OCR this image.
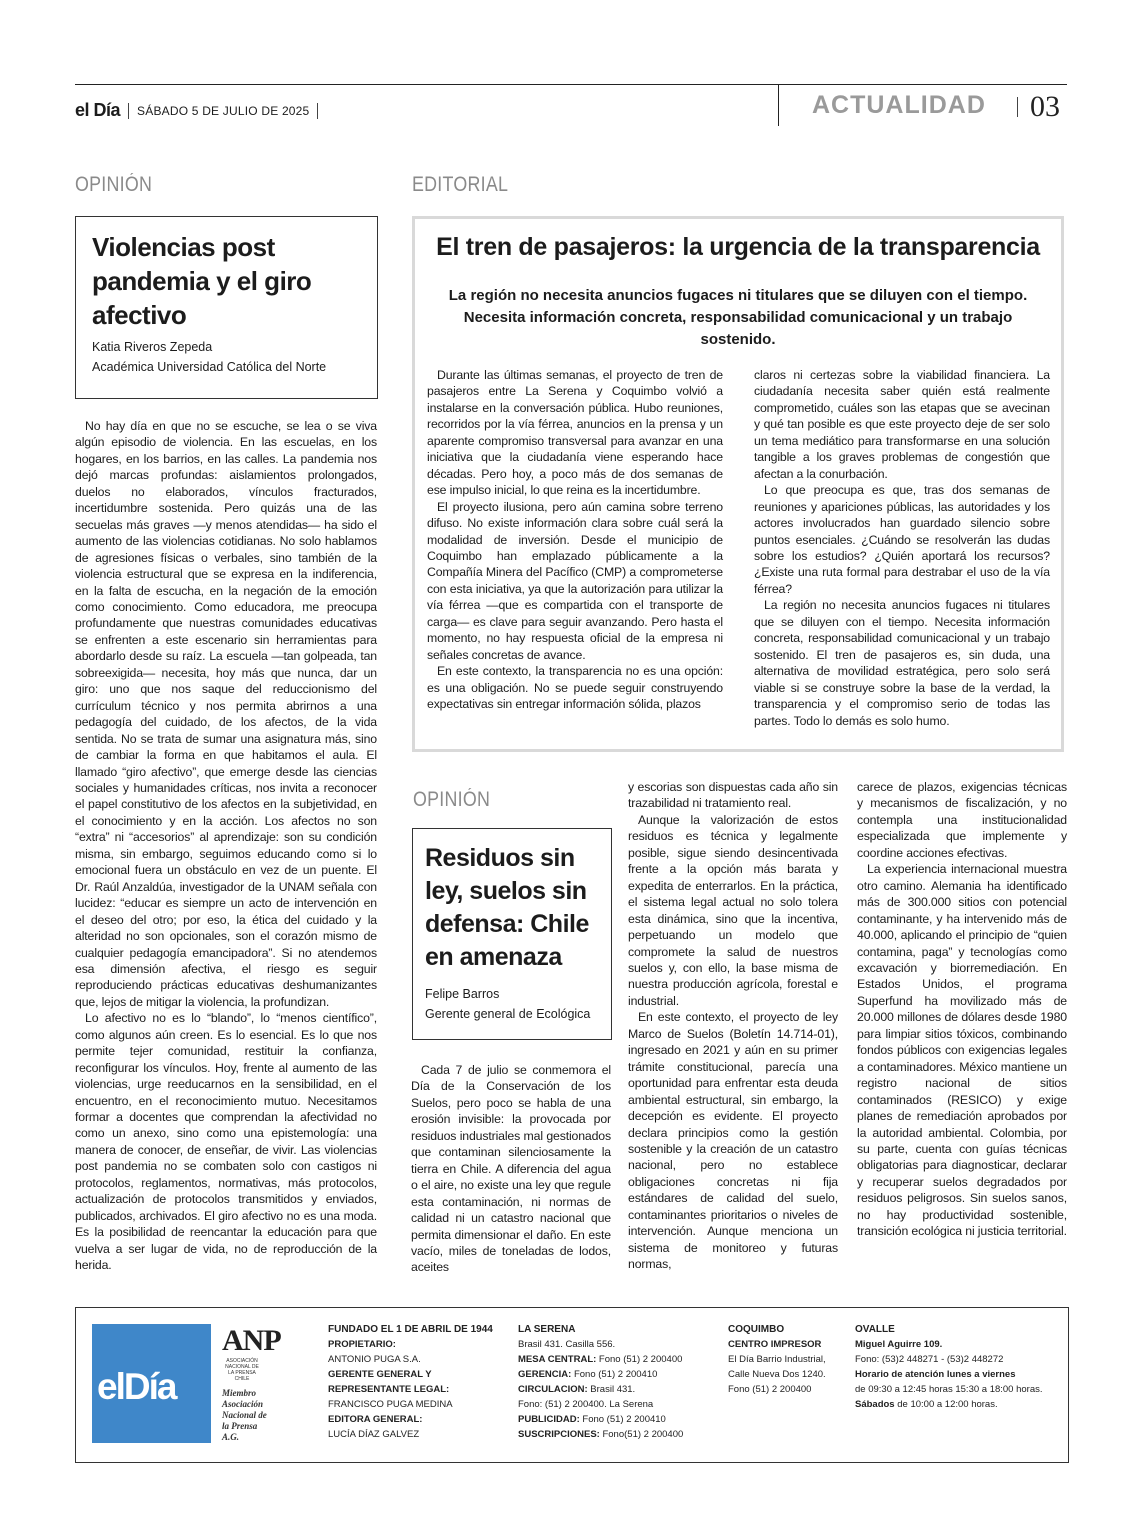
el Día SÁBADO 5 DE JULIO DE 2025	ACTUALIDAD 03
OPINIÓN
Violencias post
pandemia y el giro
afectivo
Katia Riveros Zepeda
Académica Universidad Católica del Norte

No hay día en que no se escuche, se lea o se viva algún episodio de violencia. En las escuelas, en los hogares, en los barrios, en las calles. La pandemia nos dejó marcas profundas: aislamientos prolongados, duelos no elaborados, vínculos fracturados, incertidumbre sostenida. Pero quizás una de las secuelas más graves —y menos atendidas— ha sido el aumento de las violencias cotidianas. No solo hablamos de agresiones físicas o verbales, sino también de la violencia estructural que se expresa en la indiferencia, en la falta de escucha, en la negación de la emoción como conocimiento. Como educadora, me preocupa profundamente que nuestras comunidades educativas se enfrenten a este escenario sin herramientas para abordarlo desde su raíz. La escuela —tan golpeada, tan sobreexigida— necesita, hoy más que nunca, dar un giro: uno que nos saque del reduccionismo del currículum técnico y nos permita abrirnos a una pedagogía del cuidado, de los afectos, de la vida sentida. No se trata de sumar una asignatura más, sino de cambiar la forma en que habitamos el aula. El llamado “giro afectivo”, que emerge desde las ciencias sociales y humanidades críticas, nos invita a reconocer el papel constitutivo de los afectos en la subjetividad, en el conocimiento y en la acción. Los afectos no son “extra” ni “accesorios” al aprendizaje: son su condición misma, sin embargo, seguimos educando como si lo emocional fuera un obstáculo en vez de un puente. El Dr. Raúl Anzaldúa, investigador de la UNAM señala con lucidez: “educar es siempre un acto de intervención en el deseo del otro; por eso, la ética del cuidado y la alteridad no son opcionales, son el corazón mismo de cualquier pedagogía emancipadora”. Si no atendemos esa dimensión afectiva, el riesgo es seguir reproduciendo prácticas educativas deshumanizantes que, lejos de mitigar la violencia, la profundizan.

Lo afectivo no es lo “blando”, lo “menos científico”, como algunos aún creen. Es lo esencial. Es lo que nos permite tejer comunidad, restituir la confianza, reconfigurar los vínculos. Hoy, frente al aumento de las violencias, urge reeducarnos en la sensibilidad, en el encuentro, en el reconocimiento mutuo. Necesitamos formar a docentes que comprendan la afectividad no como un anexo, sino como una epistemología: una manera de conocer, de enseñar, de vivir. Las violencias post pandemia no se combaten solo con castigos ni protocolos, reglamentos, normativas, más protocolos, actualización de protocolos transmitidos y enviados, publicados, archivados. El giro afectivo no es una moda. Es la posibilidad de reencantar la educación para que vuelva a ser lugar de vida, no de reproducción de la herida.

EDITORIAL
El tren de pasajeros: la urgencia de la transparencia
La región no necesita anuncios fugaces ni titulares que se diluyen con el tiempo. Necesita información concreta, responsabilidad comunicacional y un trabajo sostenido.

Durante las últimas semanas, el proyecto de tren de pasajeros entre La Serena y Coquimbo volvió a instalarse en la conversación pública. Hubo reuniones, recorridos por la vía férrea, anuncios en la prensa y un aparente compromiso transversal para avanzar en una iniciativa que la ciudadanía viene esperando hace décadas. Pero hoy, a poco más de dos semanas de ese impulso inicial, lo que reina es la incertidumbre.

El proyecto ilusiona, pero aún camina sobre terreno difuso. No existe información clara sobre cuál será la modalidad de inversión. Desde el municipio de Coquimbo han emplazado públicamente a la Compañía Minera del Pacífico (CMP) a comprometerse con esta iniciativa, ya que la autorización para utilizar la vía férrea —que es compartida con el transporte de carga— es clave para seguir avanzando. Pero hasta el momento, no hay respuesta oficial de la empresa ni señales concretas de avance.

En este contexto, la transparencia no es una opción: es una obligación. No se puede seguir construyendo expectativas sin entregar información sólida, plazos

claros ni certezas sobre la viabilidad financiera. La ciudadanía necesita saber quién está realmente comprometido, cuáles son las etapas que se avecinan y qué tan posible es que este proyecto deje de ser solo un tema mediático para transformarse en una solución tangible a los graves problemas de congestión que afectan a la conurbación.

Lo que preocupa es que, tras dos semanas de reuniones y apariciones públicas, las autoridades y los actores involucrados han guardado silencio sobre puntos esenciales. ¿Cuándo se resolverán las dudas sobre los estudios? ¿Quién aportará los recursos? ¿Existe una ruta formal para destrabar el uso de la vía férrea?

La región no necesita anuncios fugaces ni titulares que se diluyen con el tiempo. Necesita información concreta, responsabilidad comunicacional y un trabajo sostenido. El tren de pasajeros es, sin duda, una alternativa de movilidad estratégica, pero solo será viable si se construye sobre la base de la verdad, la transparencia y el compromiso serio de todas las partes. Todo lo demás es solo humo.

OPINIÓN
Residuos sin
ley, suelos sin
defensa: Chile
en amenaza
Felipe Barros
Gerente general de Ecológica

Cada 7 de julio se conmemora el Día de la Conservación de los Suelos, pero poco se habla de una erosión invisible: la provocada por residuos industriales mal gestionados que contaminan silenciosamente la tierra en Chile. A diferencia del agua o el aire, no existe una ley que regule esta contaminación, ni normas de calidad ni un catastro nacional que permita dimensionar el daño. En este vacío, miles de toneladas de lodos, aceites

y escorias son dispuestas cada año sin trazabilidad ni tratamiento real.

Aunque la valorización de estos residuos es técnica y legalmente posible, sigue siendo desincentivada frente a la opción más barata y expedita de enterrarlos. En la práctica, el sistema legal actual no solo tolera esta dinámica, sino que la incentiva, perpetuando un modelo que compromete la salud de nuestros suelos y, con ello, la base misma de nuestra producción agrícola, forestal e industrial.

En este contexto, el proyecto de ley Marco de Suelos (Boletín 14.714-01), ingresado en 2021 y aún en su primer trámite constitucional, parecía una oportunidad para enfrentar esta deuda ambiental estructural, sin embargo, la decepción es evidente. El proyecto declara principios como la gestión sostenible y la creación de un catastro nacional, pero no establece obligaciones concretas ni fija estándares de calidad del suelo, contaminantes prioritarios o niveles de intervención. Aunque menciona un sistema de monitoreo y futuras normas,

carece de plazos, exigencias técnicas y mecanismos de fiscalización, y no contempla una institucionalidad especializada que implemente y coordine acciones efectivas.

La experiencia internacional muestra otro camino. Alemania ha identificado más de 300.000 sitios con potencial contaminante, y ha intervenido más de 40.000, aplicando el principio de “quien contamina, paga” y tecnologías como excavación y biorremediación. En Estados Unidos, el programa Superfund ha movilizado más de 20.000 millones de dólares desde 1980 para limpiar sitios tóxicos, combinando fondos públicos con exigencias legales a contaminadores. México mantiene un registro nacional de sitios contaminados (RESICO) y exige planes de remediación aprobados por la autoridad ambiental. Colombia, por su parte, cuenta con guías técnicas obligatorias para diagnosticar, declarar y recuperar suelos degradados por residuos peligrosos. Sin suelos sanos, no hay productividad sostenible, transición ecológica ni justicia territorial.

elDía
ANP
ASOCIACIÓN NACIONAL DE LA PRENSA CHILE
Miembro
Asociación
Nacional de
la Prensa
A.G.
FUNDADO EL 1 DE ABRIL DE 1944
PROPIETARIO:
ANTONIO PUGA S.A.
GERENTE GENERAL Y
REPRESENTANTE LEGAL:
FRANCISCO PUGA MEDINA
EDITORA GENERAL:
LUCÍA DÍAZ GALVEZ
LA SERENA
Brasil 431. Casilla 556.
MESA CENTRAL: Fono (51) 2 200400
GERENCIA: Fono (51) 2 200410
CIRCULACION: Brasil 431.
Fono: (51) 2 200400. La Serena
PUBLICIDAD: Fono (51) 2 200410
SUSCRIPCIONES: Fono(51) 2 200400
COQUIMBO
CENTRO IMPRESOR
El Día Barrio Industrial,
Calle Nueva Dos 1240.
Fono (51) 2 200400
OVALLE
Miguel Aguirre 109.
Fono: (53)2 448271 - (53)2 448272
Horario de atención lunes a viernes
de 09:30 a 12:45 horas 15:30 a 18:00 horas.
Sábados de 10:00 a 12:00 horas.
